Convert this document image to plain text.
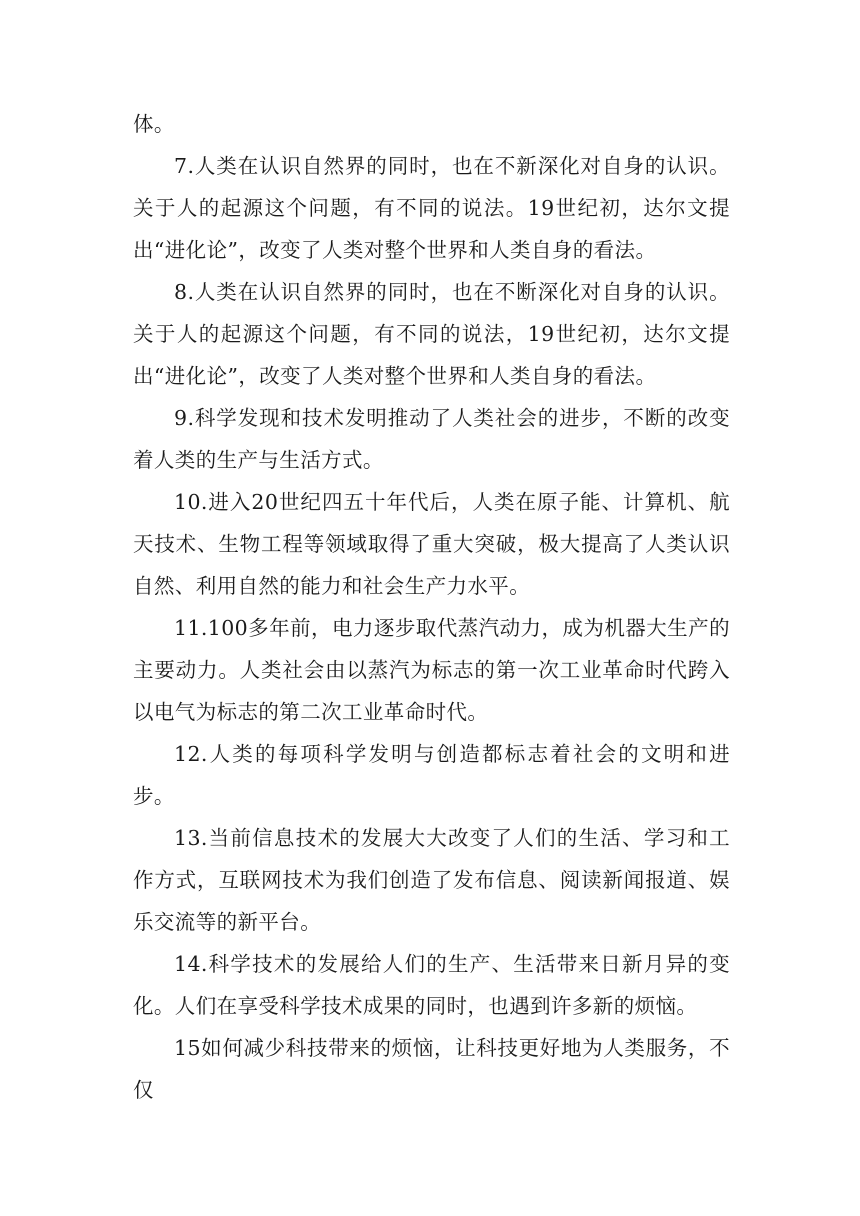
体。

7.人类在认识自然界的同时，也在不新深化对自身的认识。关于人的起源这个问题，有不同的说法。19世纪初，达尔文提出“进化论”，改变了人类对整个世界和人类自身的看法。

8.人类在认识自然界的同时，也在不断深化对自身的认识。关于人的起源这个问题，有不同的说法，19世纪初，达尔文提出“进化论”，改变了人类对整个世界和人类自身的看法。

9.科学发现和技术发明推动了人类社会的进步，不断的改变着人类的生产与生活方式。

10.进入20世纪四五十年代后，人类在原子能、计算机、航天技术、生物工程等领域取得了重大突破，极大提高了人类认识自然、利用自然的能力和社会生产力水平。

11.100多年前，电力逐步取代蒸汽动力，成为机器大生产的主要动力。人类社会由以蒸汽为标志的第一次工业革命时代跨入以电气为标志的第二次工业革命时代。

12.人类的每项科学发明与创造都标志着社会的文明和进步。

13.当前信息技术的发展大大改变了人们的生活、学习和工作方式，互联网技术为我们创造了发布信息、阅读新闻报道、娱乐交流等的新平台。

14.科学技术的发展给人们的生产、生活带来日新月异的变化。人们在享受科学技术成果的同时，也遇到许多新的烦恼。

15如何减少科技带来的烦恼，让科技更好地为人类服务，不仅
